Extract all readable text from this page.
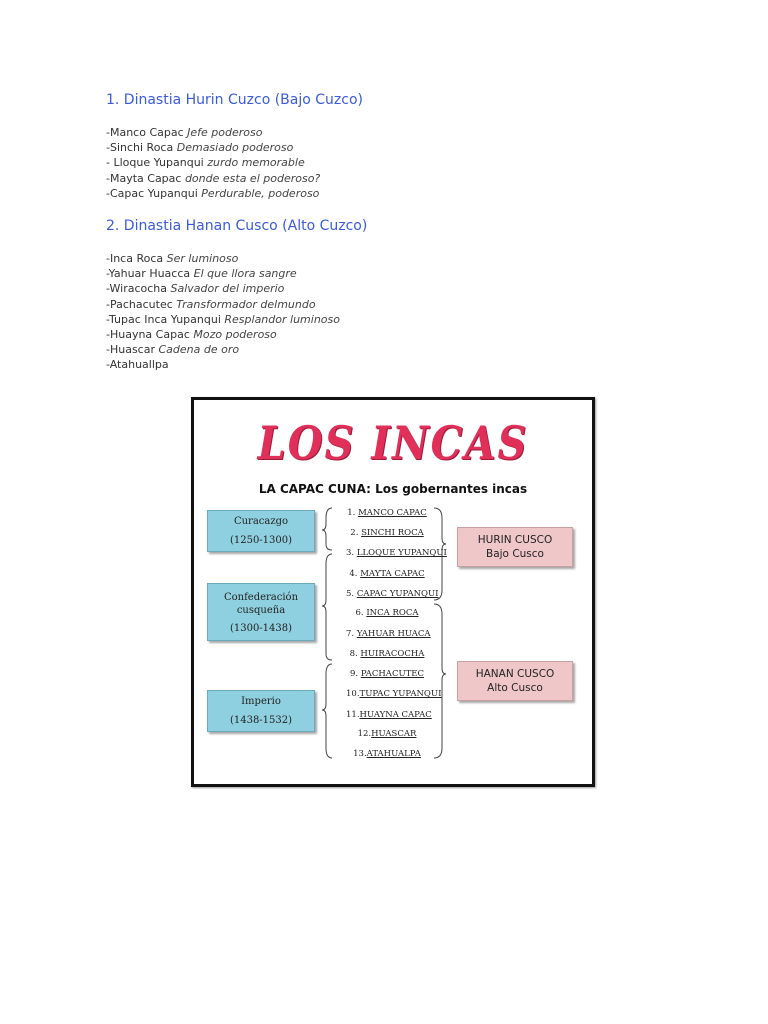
1. Dinastia Hurin Cuzco (Bajo Cuzco)
-Manco Capac Jefe poderoso
-Sinchi Roca Demasiado poderoso
- Lloque Yupanqui zurdo memorable
-Mayta Capac donde esta el poderoso?
-Capac Yupanqui Perdurable, poderoso
2. Dinastia Hanan Cusco (Alto Cuzco)
-Inca Roca Ser luminoso
-Yahuar Huacca El que llora sangre
-Wiracocha Salvador del imperio
-Pachacutec Transformador delmundo
-Tupac Inca Yupanqui Resplandor luminoso
-Huayna Capac Mozo poderoso
-Huascar Cadena de oro
-Atahuallpa
LOS INCAS
LA CAPAC CUNA: Los gobernantes incas
Curacazgo
(1250-1300)
Confederación cusqueña
(1300-1438)
Imperio
(1438-1532)
1. MANCO CAPAC
2. SINCHI ROCA
3. LLOQUE YUPANQUI
4. MAYTA CAPAC
5. CAPAC YUPANQUI
6. INCA ROCA
7. YAHUAR HUACA
8. HUIRACOCHA
9. PACHACUTEC
10.TUPAC YUPANQUI
11.HUAYNA CAPAC
12.HUASCAR
13.ATAHUALPA
HURIN CUSCO
Bajo Cusco
HANAN CUSCO
Alto Cusco
